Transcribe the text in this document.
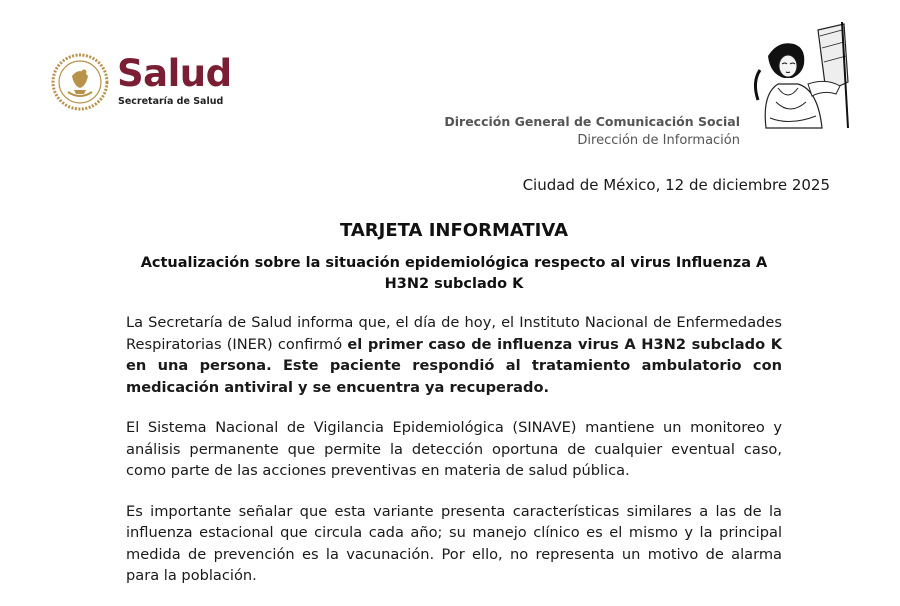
Salud
Secretaría de Salud
Dirección General de Comunicación Social
Dirección de Información
Ciudad de México, 12 de diciembre 2025
TARJETA INFORMATIVA
Actualización sobre la situación epidemiológica respecto al virus Influenza A H3N2 subclado K

La Secretaría de Salud informa que, el día de hoy, el Instituto Nacional de Enfermedades Respiratorias (INER) confirmó el primer caso de influenza virus A H3N2 subclado K en una persona. Este paciente respondió al tratamiento ambulatorio con medicación antiviral y se encuentra ya recuperado.

El Sistema Nacional de Vigilancia Epidemiológica (SINAVE) mantiene un monitoreo y análisis permanente que permite la detección oportuna de cualquier eventual caso, como parte de las acciones preventivas en materia de salud pública.

Es importante señalar que esta variante presenta características similares a las de la influenza estacional que circula cada año; su manejo clínico es el mismo y la principal medida de prevención es la vacunación. Por ello, no representa un motivo de alarma para la población.
